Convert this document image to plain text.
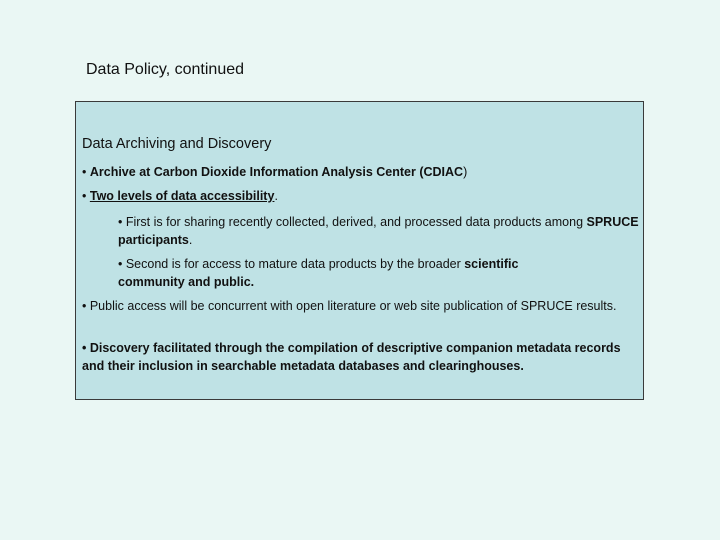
Data Policy, continued
Data Archiving and Discovery
• Archive at Carbon Dioxide Information Analysis Center (CDIAC)
• Two levels of data accessibility.
• First is for sharing recently collected, derived, and processed data products among SPRUCE participants.
• Second is for access to mature data products by the broader scientific community and public.
• Public access will be concurrent with open literature or web site publication of SPRUCE results.
• Discovery facilitated through the compilation of descriptive companion metadata records and their inclusion in searchable metadata databases and clearinghouses.
